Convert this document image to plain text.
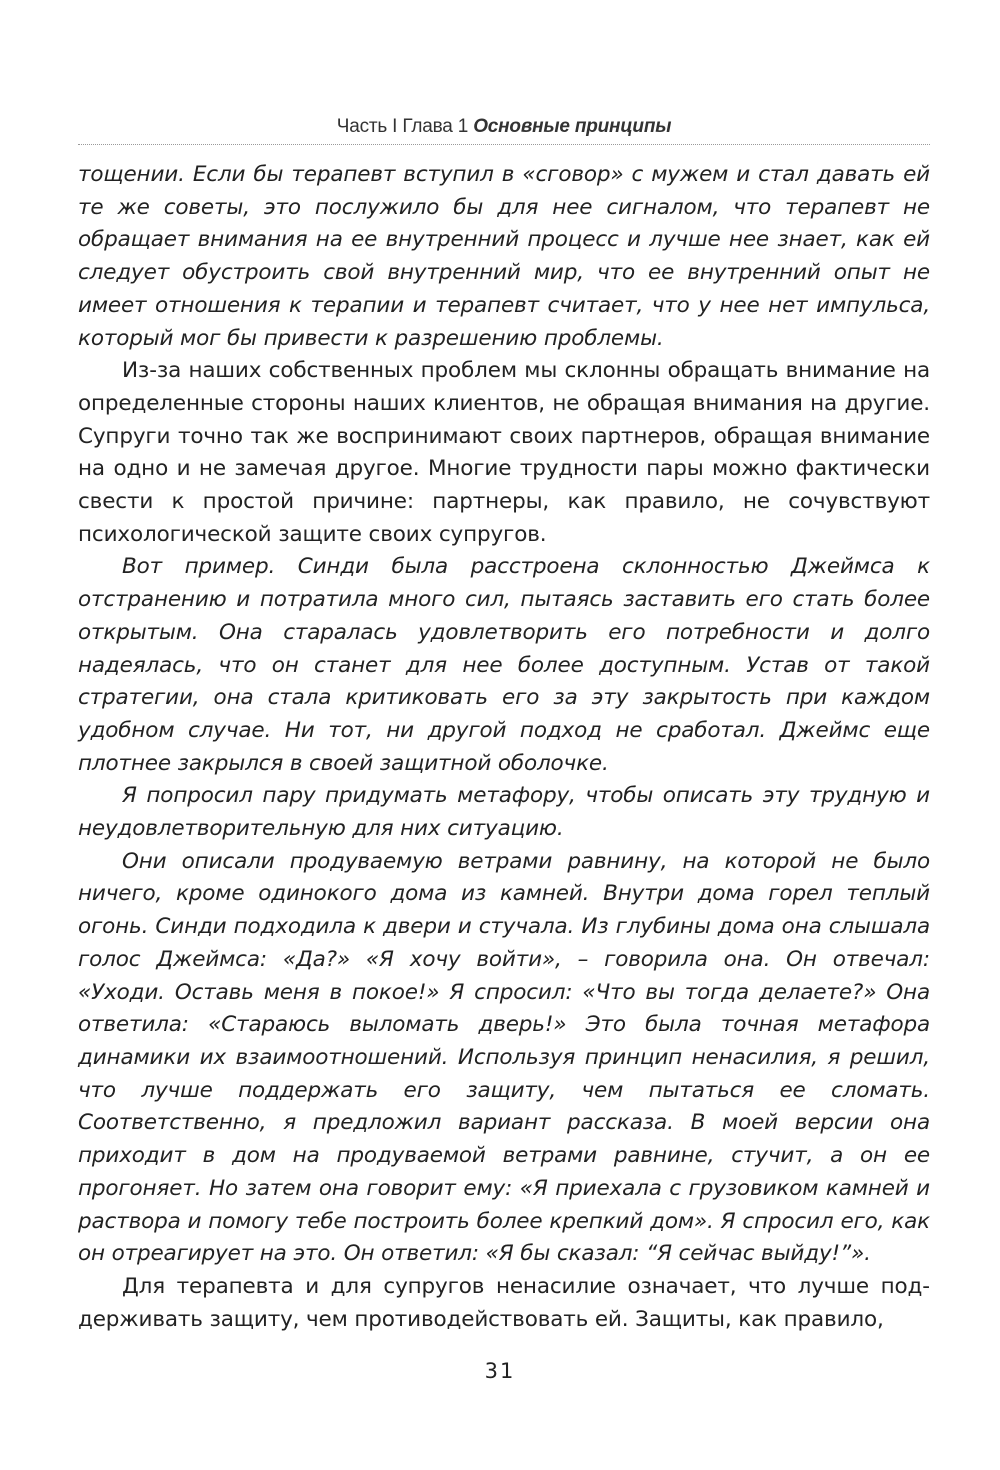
Часть I Глава 1 Основные принципы

тощении. Если бы терапевт вступил в «сговор» с мужем и стал давать ей те же советы, это послужило бы для нее сигналом, что терапевт не обращает внимания на ее внутренний процесс и лучше нее знает, как ей следует обустроить свой внутренний мир, что ее внутренний опыт не имеет отношения к терапии и терапевт считает, что у нее нет импульса, который мог бы привести к разрешению проблемы.

Из-за наших собственных проблем мы склонны обращать внимание на определенные стороны наших клиентов, не обращая внимания на другие. Супруги точно так же воспринимают своих партнеров, обращая внимание на одно и не замечая другое. Многие трудности пары можно фактически свести к простой причине: партнеры, как правило, не сочувствуют психологической защите своих супругов.

Вот пример. Синди была расстроена склонностью Джеймса к отстранению и потратила много сил, пытаясь заставить его стать более открытым. Она старалась удовлетворить его потребности и долго надеялась, что он станет для нее более доступным. Устав от такой стратегии, она стала критиковать его за эту закрытость при каждом удобном случае. Ни тот, ни другой подход не сработал. Джеймс еще плотнее закрылся в своей защитной оболочке.

Я попросил пару придумать метафору, чтобы описать эту трудную и неудовлетворительную для них ситуацию.

Они описали продуваемую ветрами равнину, на которой не было ничего, кроме одинокого дома из камней. Внутри дома горел теплый огонь. Синди подходила к двери и стучала. Из глубины дома она слышала голос Джеймса: «Да?» «Я хочу войти», – говорила она. Он отвечал: «Уходи. Оставь меня в покое!» Я спросил: «Что вы тогда делаете?» Она ответила: «Стараюсь выломать дверь!» Это была точная метафора динамики их взаимоотношений. Используя принцип ненасилия, я решил, что лучше поддержать его защиту, чем пытаться ее сломать. Соответственно, я предложил вариант рассказа. В моей версии она приходит в дом на продуваемой ветрами равнине, стучит, а он ее прогоняет. Но затем она говорит ему: «Я приехала с грузовиком камней и раствора и помогу тебе построить более крепкий дом». Я спросил его, как он отреагирует на это. Он ответил: «Я бы сказал: “Я сейчас выйду!”».

Для терапевта и для супругов ненасилие означает, что лучше поддерживать защиту, чем противодействовать ей. Защиты, как правило,

31
